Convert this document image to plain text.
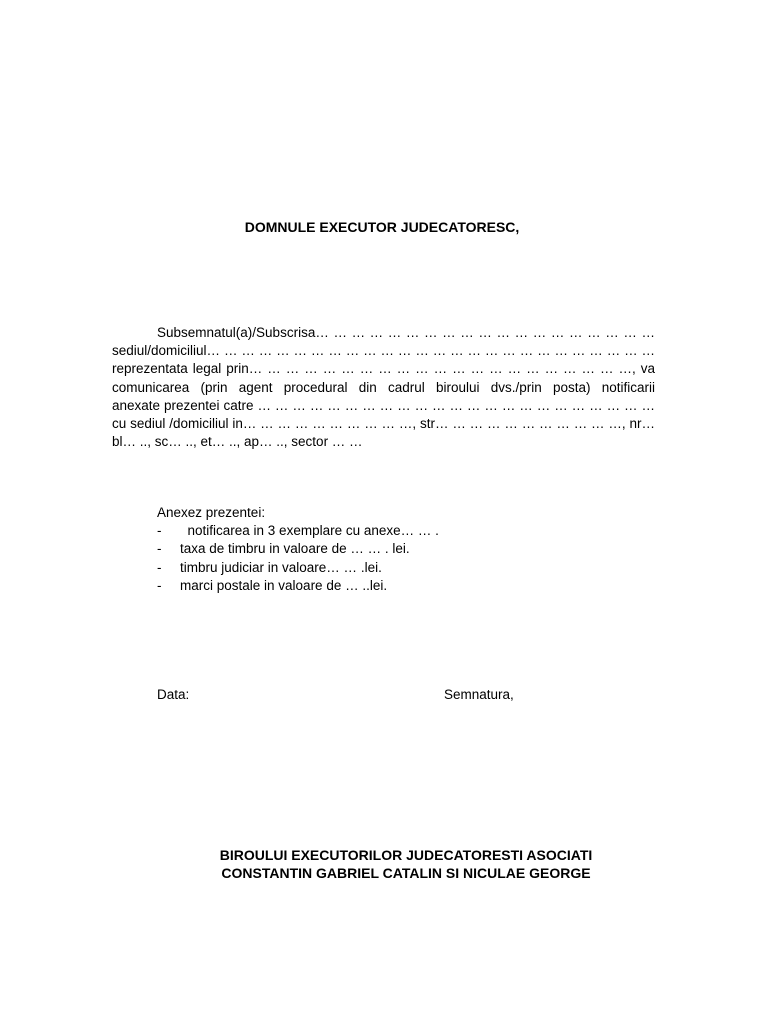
DOMNULE EXECUTOR JUDECATORESC,
Subsemnatul(a)/Subscrisa… … … … … … … … … … … … … … … … … … …
sediul/domiciliul… … … … … … … … … … … … … … … … … … … … … … … … … …
reprezentata legal prin… … … … … … … … … … … … … … … … … … … … …, va
comunicarea (prin agent procedural din cadrul biroului dvs./prin posta) notificarii
anexate prezentei catre … … … … … … … … … … … … … … … … … … … … … … …
cu sediul /domiciliul in… … … … … … … … … …, str… … … … … … … … … … …, nr…
bl… .., sc… .., et… .., ap… .., sector … …
Anexez prezentei:
-	notificarea in 3 exemplare cu anexe… … .
-	taxa de timbru in valoare de … … . lei.
-	timbru judiciar in valoare… … .lei.
-	marci postale in valoare de … ..lei.
Data:	Semnatura,
BIROULUI EXECUTORILOR JUDECATORESTI ASOCIATI
CONSTANTIN GABRIEL CATALIN SI NICULAE GEORGE
